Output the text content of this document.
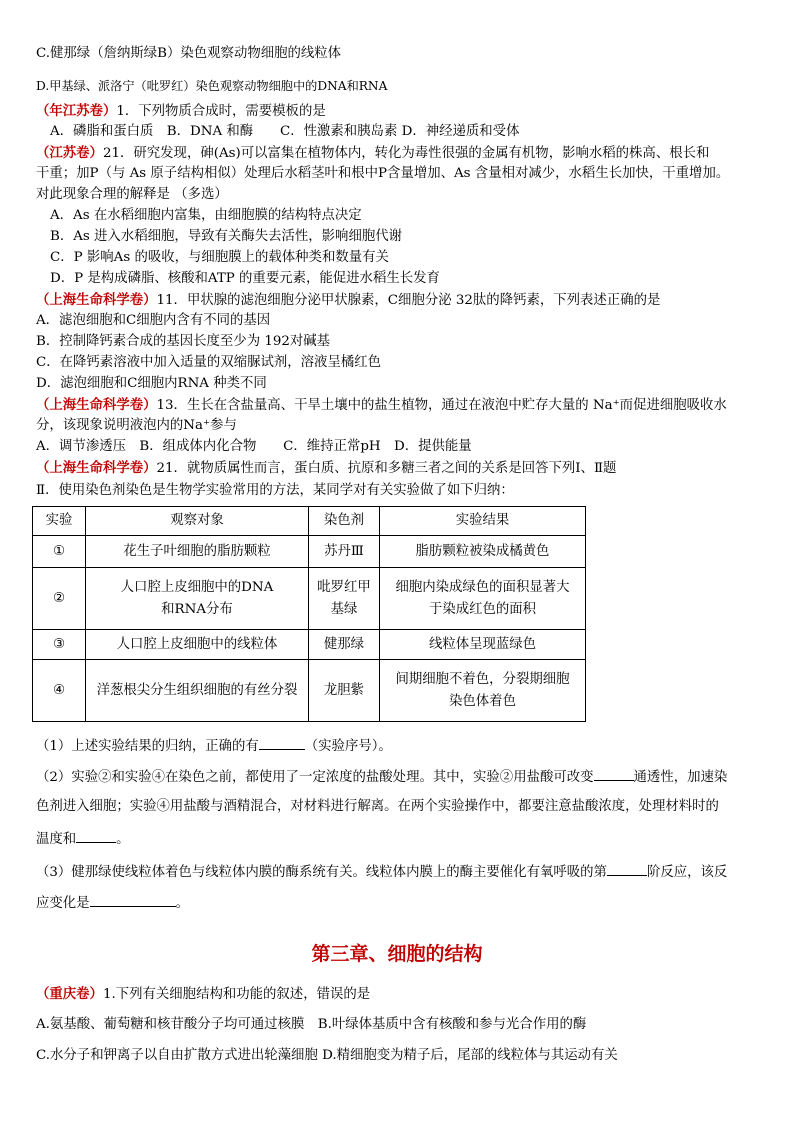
C.健那绿（詹纳斯绿B）染色观察动物细胞的线粒体
D.甲基绿、派洛宁（吡罗红）染色观察动物细胞中的DNA和RNA
（年江苏卷）1．下列物质合成时，需要模板的是
A．磷脂和蛋白质　B．DNA 和酶　　C．性激素和胰岛素 D．神经递质和受体
（江苏卷）21．研究发现，砷(As)可以富集在植物体内，转化为毒性很强的金属有机物，影响水稻的株高、根长和
干重；加P（与 As 原子结构相似）处理后水稻茎叶和根中P含量增加、As 含量相对减少，水稻生长加快，干重增加。
对此现象合理的解释是 （多选）
A．As 在水稻细胞内富集，由细胞膜的结构特点决定
B．As 进入水稻细胞，导致有关酶失去活性，影响细胞代谢
C．P 影响As 的吸收，与细胞膜上的载体种类和数量有关
D．P 是构成磷脂、核酸和ATP 的重要元素，能促进水稻生长发育
（上海生命科学卷）11．甲状腺的滤泡细胞分泌甲状腺素，C细胞分泌 32肽的降钙素，下列表述正确的是
A．滤泡细胞和C细胞内含有不同的基因
B．控制降钙素合成的基因长度至少为 192对碱基
C．在降钙素溶液中加入适量的双缩脲试剂，溶液呈橘红色
D．滤泡细胞和C细胞内RNA 种类不同
（上海生命科学卷）13．生长在含盐量高、干旱土壤中的盐生植物，通过在液泡中贮存大量的 Na⁺而促进细胞吸收水
分，该现象说明液泡内的Na⁺参与
A．调节渗透压　B．组成体内化合物　　C．维持正常pH　D．提供能量
（上海生命科学卷）21．就物质属性而言，蛋白质、抗原和多糖三者之间的关系是回答下列Ⅰ、Ⅱ题
Ⅱ．使用染色剂染色是生物学实验常用的方法，某同学对有关实验做了如下归纳：
实验	观察对象	染色剂	实验结果
①	花生子叶细胞的脂肪颗粒	苏丹Ⅲ	脂肪颗粒被染成橘黄色
②	人口腔上皮细胞中的DNA和RNA分布	吡罗红甲基绿	细胞内染成绿色的面积显著大于染成红色的面积
③	人口腔上皮细胞中的线粒体	健那绿	线粒体呈现蓝绿色
④	洋葱根尖分生组织细胞的有丝分裂	龙胆紫	间期细胞不着色，分裂期细胞染色体着色
（1）上述实验结果的归纳，正确的有	（实验序号）。
（2）实验②和实验④在染色之前，都使用了一定浓度的盐酸处理。其中，实验②用盐酸可改变	通透性，加速染
色剂进入细胞；实验④用盐酸与酒精混合，对材料进行解离。在两个实验操作中，都要注意盐酸浓度，处理材料时的
温度和	。
（3）健那绿使线粒体着色与线粒体内膜的酶系统有关。线粒体内膜上的酶主要催化有氧呼吸的第	阶反应，该反
应变化是	。
第三章、细胞的结构
（重庆卷）1.下列有关细胞结构和功能的叙述，错误的是
A.氨基酸、葡萄糖和核苷酸分子均可通过核膜　B.叶绿体基质中含有核酸和参与光合作用的酶
C.水分子和钾离子以自由扩散方式进出轮藻细胞 D.精细胞变为精子后，尾部的线粒体与其运动有关
